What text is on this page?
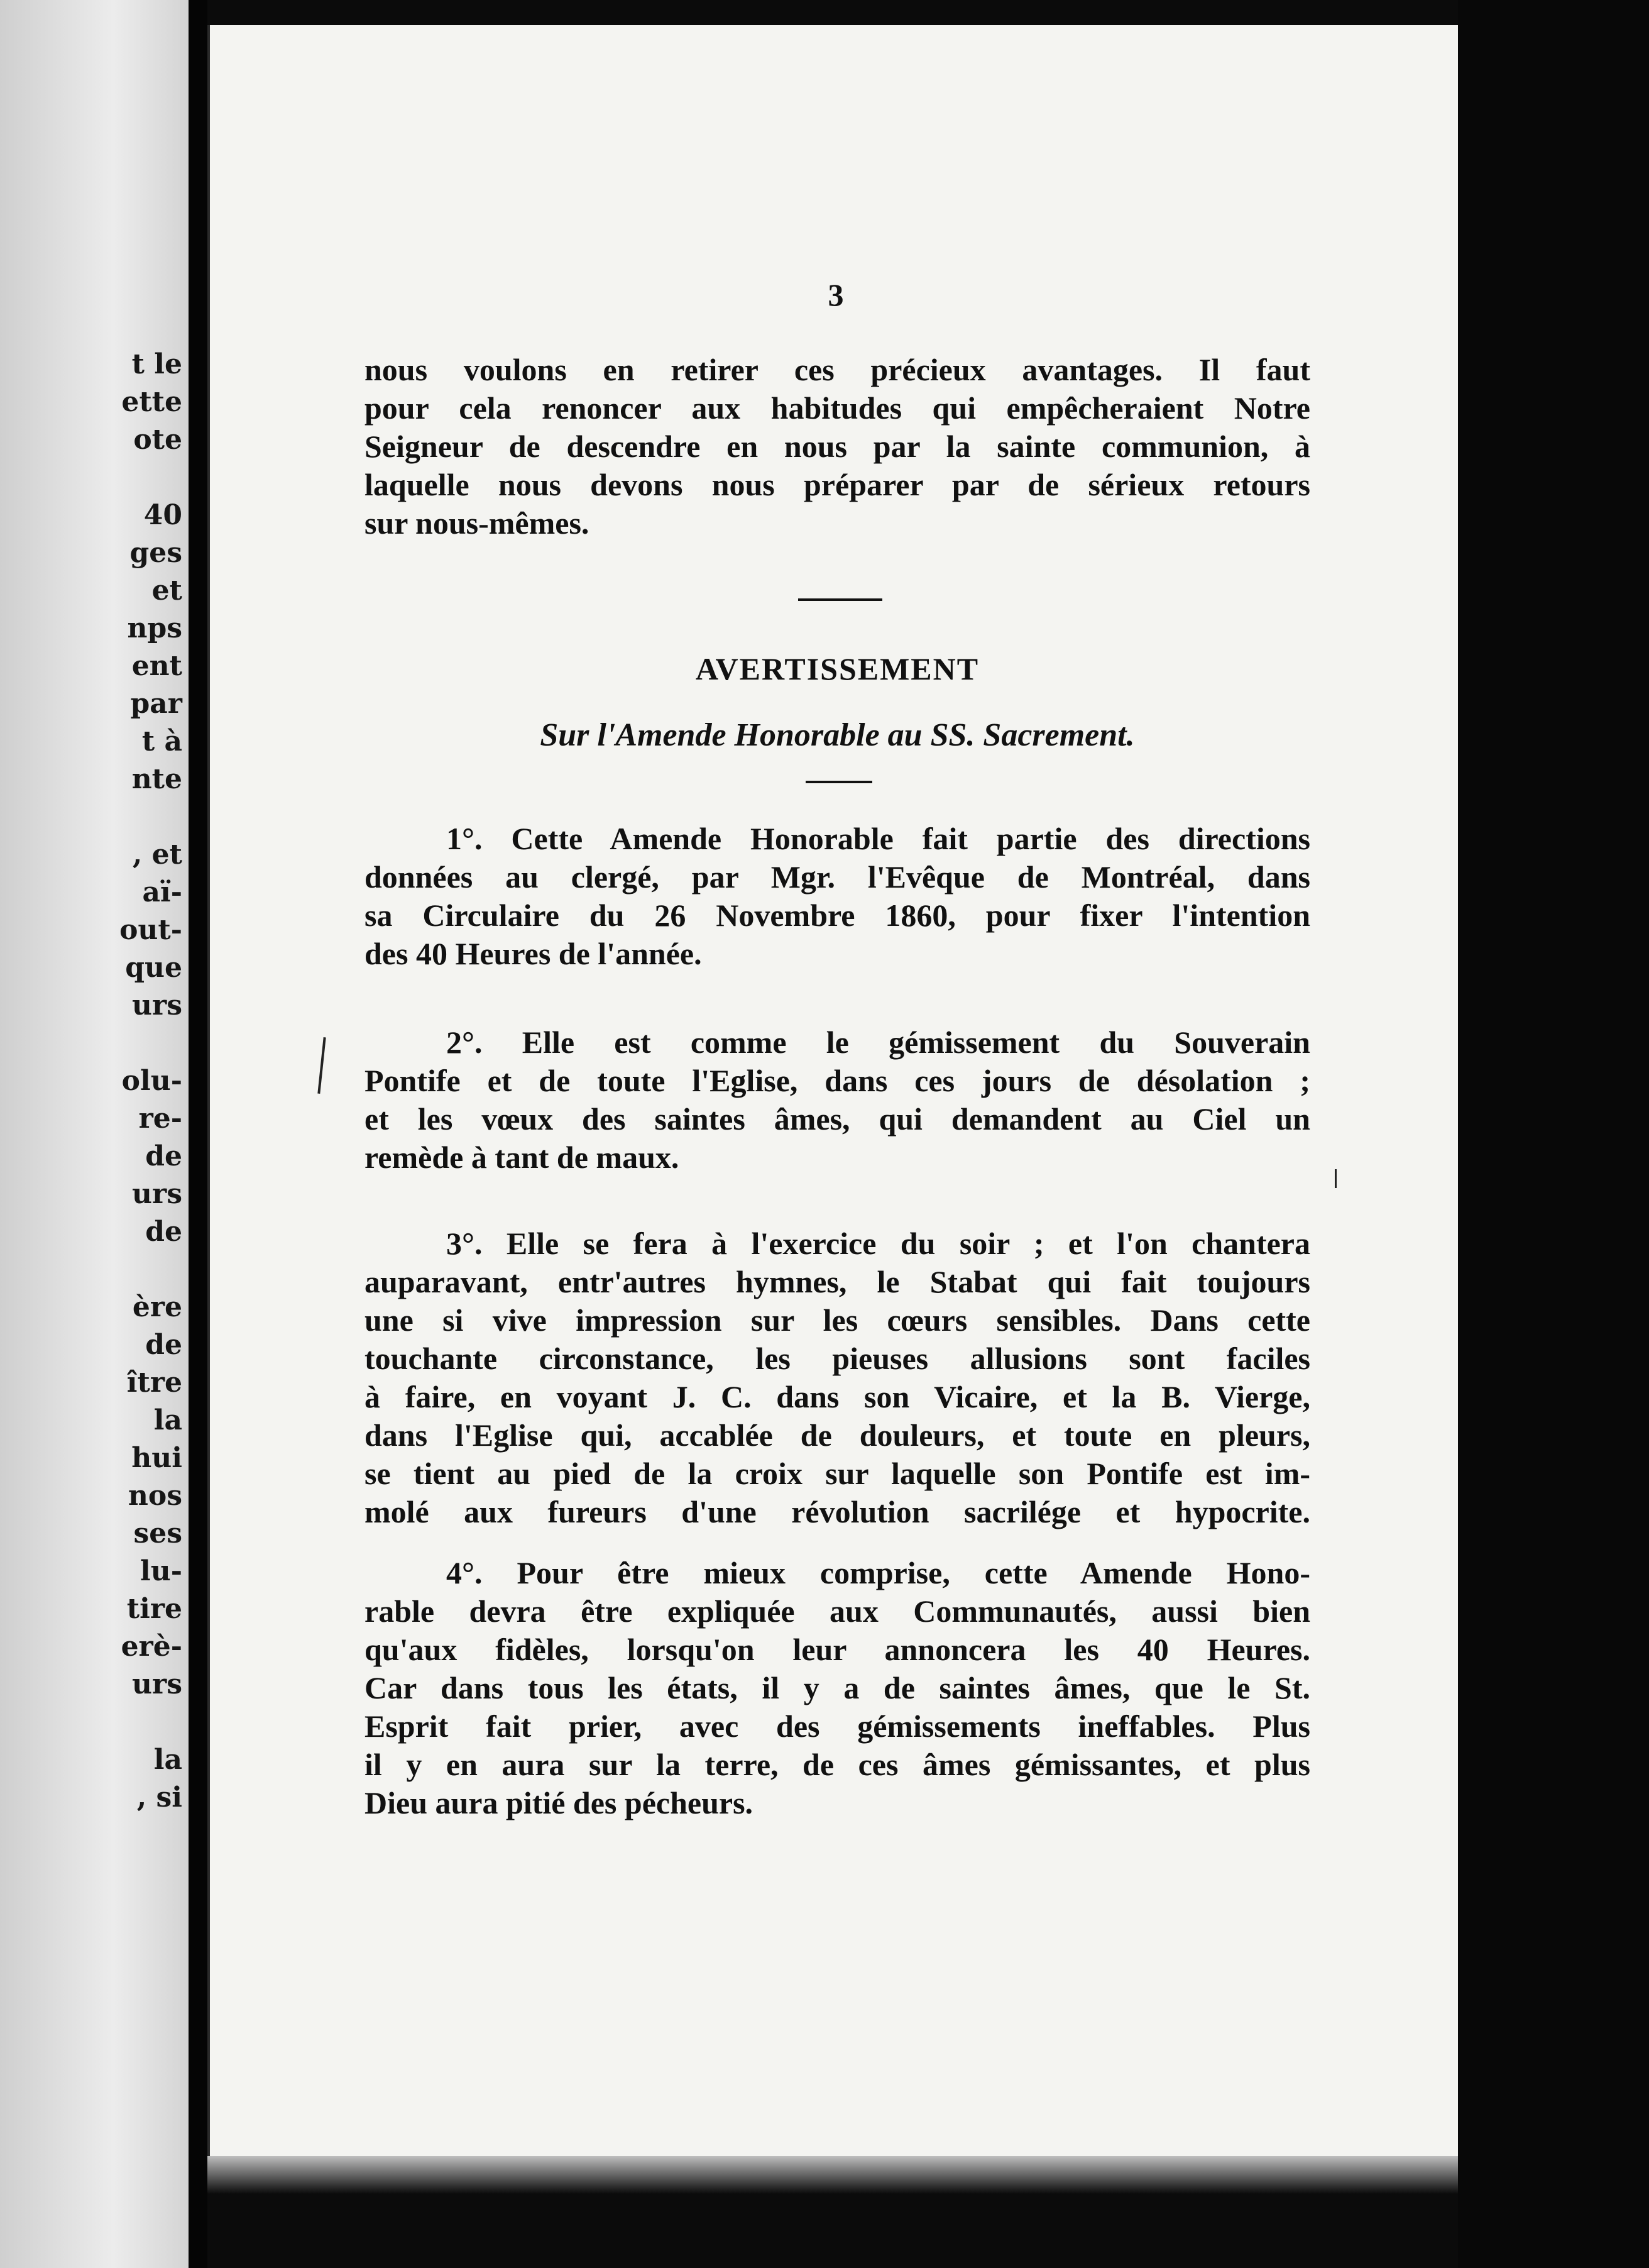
t le
ette
ote
40
ges
et
nps
ent
par
t à
nte
, et
aï-
out-
que
urs
olu-
re-
de
urs
de
ère
de
ître
la
hui
nos
ses
lu-
tire
erè-
urs
la
, si
3
nous voulons en retirer ces précieux avantages. Il faut
pour cela renoncer aux habitudes qui empêcheraient Notre
Seigneur de descendre en nous par la sainte communion, à
laquelle nous devons nous préparer par de sérieux retours
sur nous-mêmes.
AVERTISSEMENT
Sur l'Amende Honorable au SS. Sacrement.
1°. Cette Amende Honorable fait partie des directions
données au clergé, par Mgr. l'Evêque de Montréal, dans
sa Circulaire du 26 Novembre 1860, pour fixer l'intention
des 40 Heures de l'année.
2°. Elle est comme le gémissement du Souverain
Pontife et de toute l'Eglise, dans ces jours de désolation ;
et les vœux des saintes âmes, qui demandent au Ciel un
remède à tant de maux.
3°. Elle se fera à l'exercice du soir ; et l'on chantera
auparavant, entr'autres hymnes, le Stabat qui fait toujours
une si vive impression sur les cœurs sensibles. Dans cette
touchante circonstance, les pieuses allusions sont faciles
à faire, en voyant J. C. dans son Vicaire, et la B. Vierge,
dans l'Eglise qui, accablée de douleurs, et toute en pleurs,
se tient au pied de la croix sur laquelle son Pontife est im-
molé aux fureurs d'une révolution sacrilége et hypocrite.
4°. Pour être mieux comprise, cette Amende Hono-
rable devra être expliquée aux Communautés, aussi bien
qu'aux fidèles, lorsqu'on leur annoncera les 40 Heures.
Car dans tous les états, il y a de saintes âmes, que le St.
Esprit fait prier, avec des gémissements ineffables. Plus
il y en aura sur la terre, de ces âmes gémissantes, et plus
Dieu aura pitié des pécheurs.
